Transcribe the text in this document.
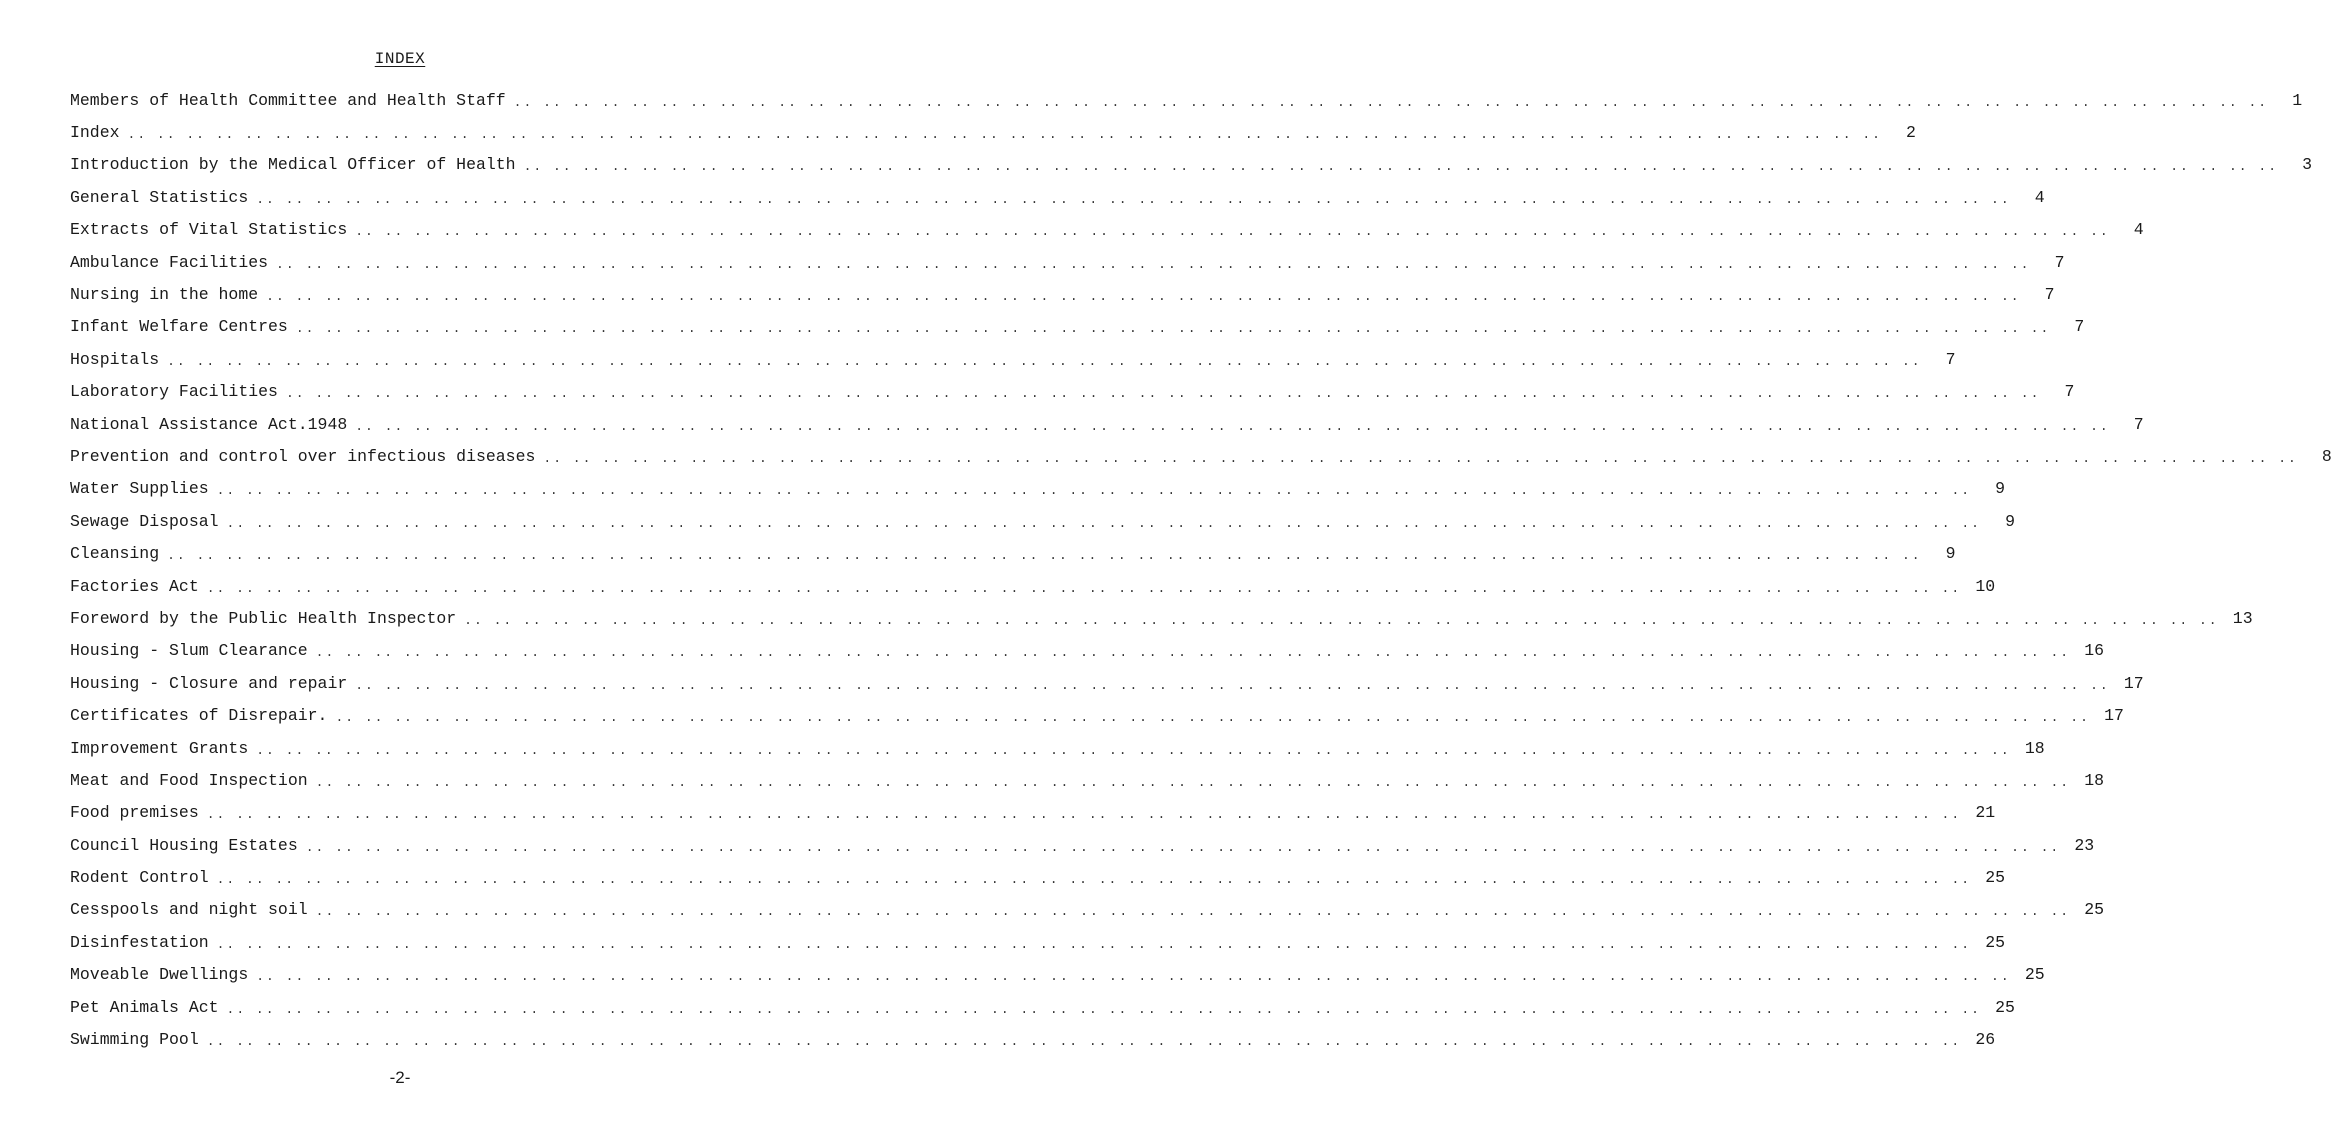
INDEX
Members of Health Committee and Health Staff .. .. .. .. .. .. .. .. .. .. .. .. .. .. .. .. .. .. .. .. .. .. .. .. .. .. .. .. .. .. .. .. .. .. .. .. .. .. .. .. .. .. .. .. .. .. .. .. .. .. .. .. .. .. .. .. .. .. .. ..	1
Index .. .. .. .. .. .. .. .. .. .. .. .. .. .. .. .. .. .. .. .. .. .. .. .. .. .. .. .. .. .. .. .. .. .. .. .. .. .. .. .. .. .. .. .. .. .. .. .. .. .. .. .. .. .. .. .. .. .. .. ..	2
Introduction by the Medical Officer of Health .. .. .. .. .. .. .. .. .. .. .. .. .. .. .. .. .. .. .. .. .. .. .. .. .. .. .. .. .. .. .. .. .. .. .. .. .. .. .. .. .. .. .. .. .. .. .. .. .. .. .. .. .. .. .. .. .. .. .. ..	3
General Statistics .. .. .. .. .. .. .. .. .. .. .. .. .. .. .. .. .. .. .. .. .. .. .. .. .. .. .. .. .. .. .. .. .. .. .. .. .. .. .. .. .. .. .. .. .. .. .. .. .. .. .. .. .. .. .. .. .. .. .. ..	4
Extracts of Vital Statistics .. .. .. .. .. .. .. .. .. .. .. .. .. .. .. .. .. .. .. .. .. .. .. .. .. .. .. .. .. .. .. .. .. .. .. .. .. .. .. .. .. .. .. .. .. .. .. .. .. .. .. .. .. .. .. .. .. .. .. ..	4
Ambulance Facilities .. .. .. .. .. .. .. .. .. .. .. .. .. .. .. .. .. .. .. .. .. .. .. .. .. .. .. .. .. .. .. .. .. .. .. .. .. .. .. .. .. .. .. .. .. .. .. .. .. .. .. .. .. .. .. .. .. .. .. ..	7
Nursing in the home .. .. .. .. .. .. .. .. .. .. .. .. .. .. .. .. .. .. .. .. .. .. .. .. .. .. .. .. .. .. .. .. .. .. .. .. .. .. .. .. .. .. .. .. .. .. .. .. .. .. .. .. .. .. .. .. .. .. .. ..	7
Infant Welfare Centres .. .. .. .. .. .. .. .. .. .. .. .. .. .. .. .. .. .. .. .. .. .. .. .. .. .. .. .. .. .. .. .. .. .. .. .. .. .. .. .. .. .. .. .. .. .. .. .. .. .. .. .. .. .. .. .. .. .. .. ..	7
Hospitals .. .. .. .. .. .. .. .. .. .. .. .. .. .. .. .. .. .. .. .. .. .. .. .. .. .. .. .. .. .. .. .. .. .. .. .. .. .. .. .. .. .. .. .. .. .. .. .. .. .. .. .. .. .. .. .. .. .. .. ..	7
Laboratory Facilities .. .. .. .. .. .. .. .. .. .. .. .. .. .. .. .. .. .. .. .. .. .. .. .. .. .. .. .. .. .. .. .. .. .. .. .. .. .. .. .. .. .. .. .. .. .. .. .. .. .. .. .. .. .. .. .. .. .. .. ..	7
National Assistance Act.1948 .. .. .. .. .. .. .. .. .. .. .. .. .. .. .. .. .. .. .. .. .. .. .. .. .. .. .. .. .. .. .. .. .. .. .. .. .. .. .. .. .. .. .. .. .. .. .. .. .. .. .. .. .. .. .. .. .. .. .. ..	7
Prevention and control over infectious diseases .. .. .. .. .. .. .. .. .. .. .. .. .. .. .. .. .. .. .. .. .. .. .. .. .. .. .. .. .. .. .. .. .. .. .. .. .. .. .. .. .. .. .. .. .. .. .. .. .. .. .. .. .. .. .. .. .. .. .. ..	8
Water Supplies .. .. .. .. .. .. .. .. .. .. .. .. .. .. .. .. .. .. .. .. .. .. .. .. .. .. .. .. .. .. .. .. .. .. .. .. .. .. .. .. .. .. .. .. .. .. .. .. .. .. .. .. .. .. .. .. .. .. .. ..	9
Sewage Disposal .. .. .. .. .. .. .. .. .. .. .. .. .. .. .. .. .. .. .. .. .. .. .. .. .. .. .. .. .. .. .. .. .. .. .. .. .. .. .. .. .. .. .. .. .. .. .. .. .. .. .. .. .. .. .. .. .. .. .. ..	9
Cleansing .. .. .. .. .. .. .. .. .. .. .. .. .. .. .. .. .. .. .. .. .. .. .. .. .. .. .. .. .. .. .. .. .. .. .. .. .. .. .. .. .. .. .. .. .. .. .. .. .. .. .. .. .. .. .. .. .. .. .. ..	9
Factories Act .. .. .. .. .. .. .. .. .. .. .. .. .. .. .. .. .. .. .. .. .. .. .. .. .. .. .. .. .. .. .. .. .. .. .. .. .. .. .. .. .. .. .. .. .. .. .. .. .. .. .. .. .. .. .. .. .. .. .. .. 10
Foreword by the Public Health Inspector .. .. .. .. .. .. .. .. .. .. .. .. .. .. .. .. .. .. .. .. .. .. .. .. .. .. .. .. .. .. .. .. .. .. .. .. .. .. .. .. .. .. .. .. .. .. .. .. .. .. .. .. .. .. .. .. .. .. .. .. 13
Housing - Slum Clearance .. .. .. .. .. .. .. .. .. .. .. .. .. .. .. .. .. .. .. .. .. .. .. .. .. .. .. .. .. .. .. .. .. .. .. .. .. .. .. .. .. .. .. .. .. .. .. .. .. .. .. .. .. .. .. .. .. .. .. .. 16
Housing - Closure and repair .. .. .. .. .. .. .. .. .. .. .. .. .. .. .. .. .. .. .. .. .. .. .. .. .. .. .. .. .. .. .. .. .. .. .. .. .. .. .. .. .. .. .. .. .. .. .. .. .. .. .. .. .. .. .. .. .. .. .. .. 17
Certificates of Disrepair. .. .. .. .. .. .. .. .. .. .. .. .. .. .. .. .. .. .. .. .. .. .. .. .. .. .. .. .. .. .. .. .. .. .. .. .. .. .. .. .. .. .. .. .. .. .. .. .. .. .. .. .. .. .. .. .. .. .. .. .. 17
Improvement Grants .. .. .. .. .. .. .. .. .. .. .. .. .. .. .. .. .. .. .. .. .. .. .. .. .. .. .. .. .. .. .. .. .. .. .. .. .. .. .. .. .. .. .. .. .. .. .. .. .. .. .. .. .. .. .. .. .. .. .. .. 18
Meat and Food Inspection .. .. .. .. .. .. .. .. .. .. .. .. .. .. .. .. .. .. .. .. .. .. .. .. .. .. .. .. .. .. .. .. .. .. .. .. .. .. .. .. .. .. .. .. .. .. .. .. .. .. .. .. .. .. .. .. .. .. .. .. 18
Food premises .. .. .. .. .. .. .. .. .. .. .. .. .. .. .. .. .. .. .. .. .. .. .. .. .. .. .. .. .. .. .. .. .. .. .. .. .. .. .. .. .. .. .. .. .. .. .. .. .. .. .. .. .. .. .. .. .. .. .. .. 21
Council Housing Estates .. .. .. .. .. .. .. .. .. .. .. .. .. .. .. .. .. .. .. .. .. .. .. .. .. .. .. .. .. .. .. .. .. .. .. .. .. .. .. .. .. .. .. .. .. .. .. .. .. .. .. .. .. .. .. .. .. .. .. .. 23
Rodent Control .. .. .. .. .. .. .. .. .. .. .. .. .. .. .. .. .. .. .. .. .. .. .. .. .. .. .. .. .. .. .. .. .. .. .. .. .. .. .. .. .. .. .. .. .. .. .. .. .. .. .. .. .. .. .. .. .. .. .. .. 25
Cesspools and night soil .. .. .. .. .. .. .. .. .. .. .. .. .. .. .. .. .. .. .. .. .. .. .. .. .. .. .. .. .. .. .. .. .. .. .. .. .. .. .. .. .. .. .. .. .. .. .. .. .. .. .. .. .. .. .. .. .. .. .. .. 25
Disinfestation .. .. .. .. .. .. .. .. .. .. .. .. .. .. .. .. .. .. .. .. .. .. .. .. .. .. .. .. .. .. .. .. .. .. .. .. .. .. .. .. .. .. .. .. .. .. .. .. .. .. .. .. .. .. .. .. .. .. .. .. 25
Moveable Dwellings .. .. .. .. .. .. .. .. .. .. .. .. .. .. .. .. .. .. .. .. .. .. .. .. .. .. .. .. .. .. .. .. .. .. .. .. .. .. .. .. .. .. .. .. .. .. .. .. .. .. .. .. .. .. .. .. .. .. .. .. 25
Pet Animals Act .. .. .. .. .. .. .. .. .. .. .. .. .. .. .. .. .. .. .. .. .. .. .. .. .. .. .. .. .. .. .. .. .. .. .. .. .. .. .. .. .. .. .. .. .. .. .. .. .. .. .. .. .. .. .. .. .. .. .. .. 25
Swimming Pool .. .. .. .. .. .. .. .. .. .. .. .. .. .. .. .. .. .. .. .. .. .. .. .. .. .. .. .. .. .. .. .. .. .. .. .. .. .. .. .. .. .. .. .. .. .. .. .. .. .. .. .. .. .. .. .. .. .. .. .. 26
-2-
